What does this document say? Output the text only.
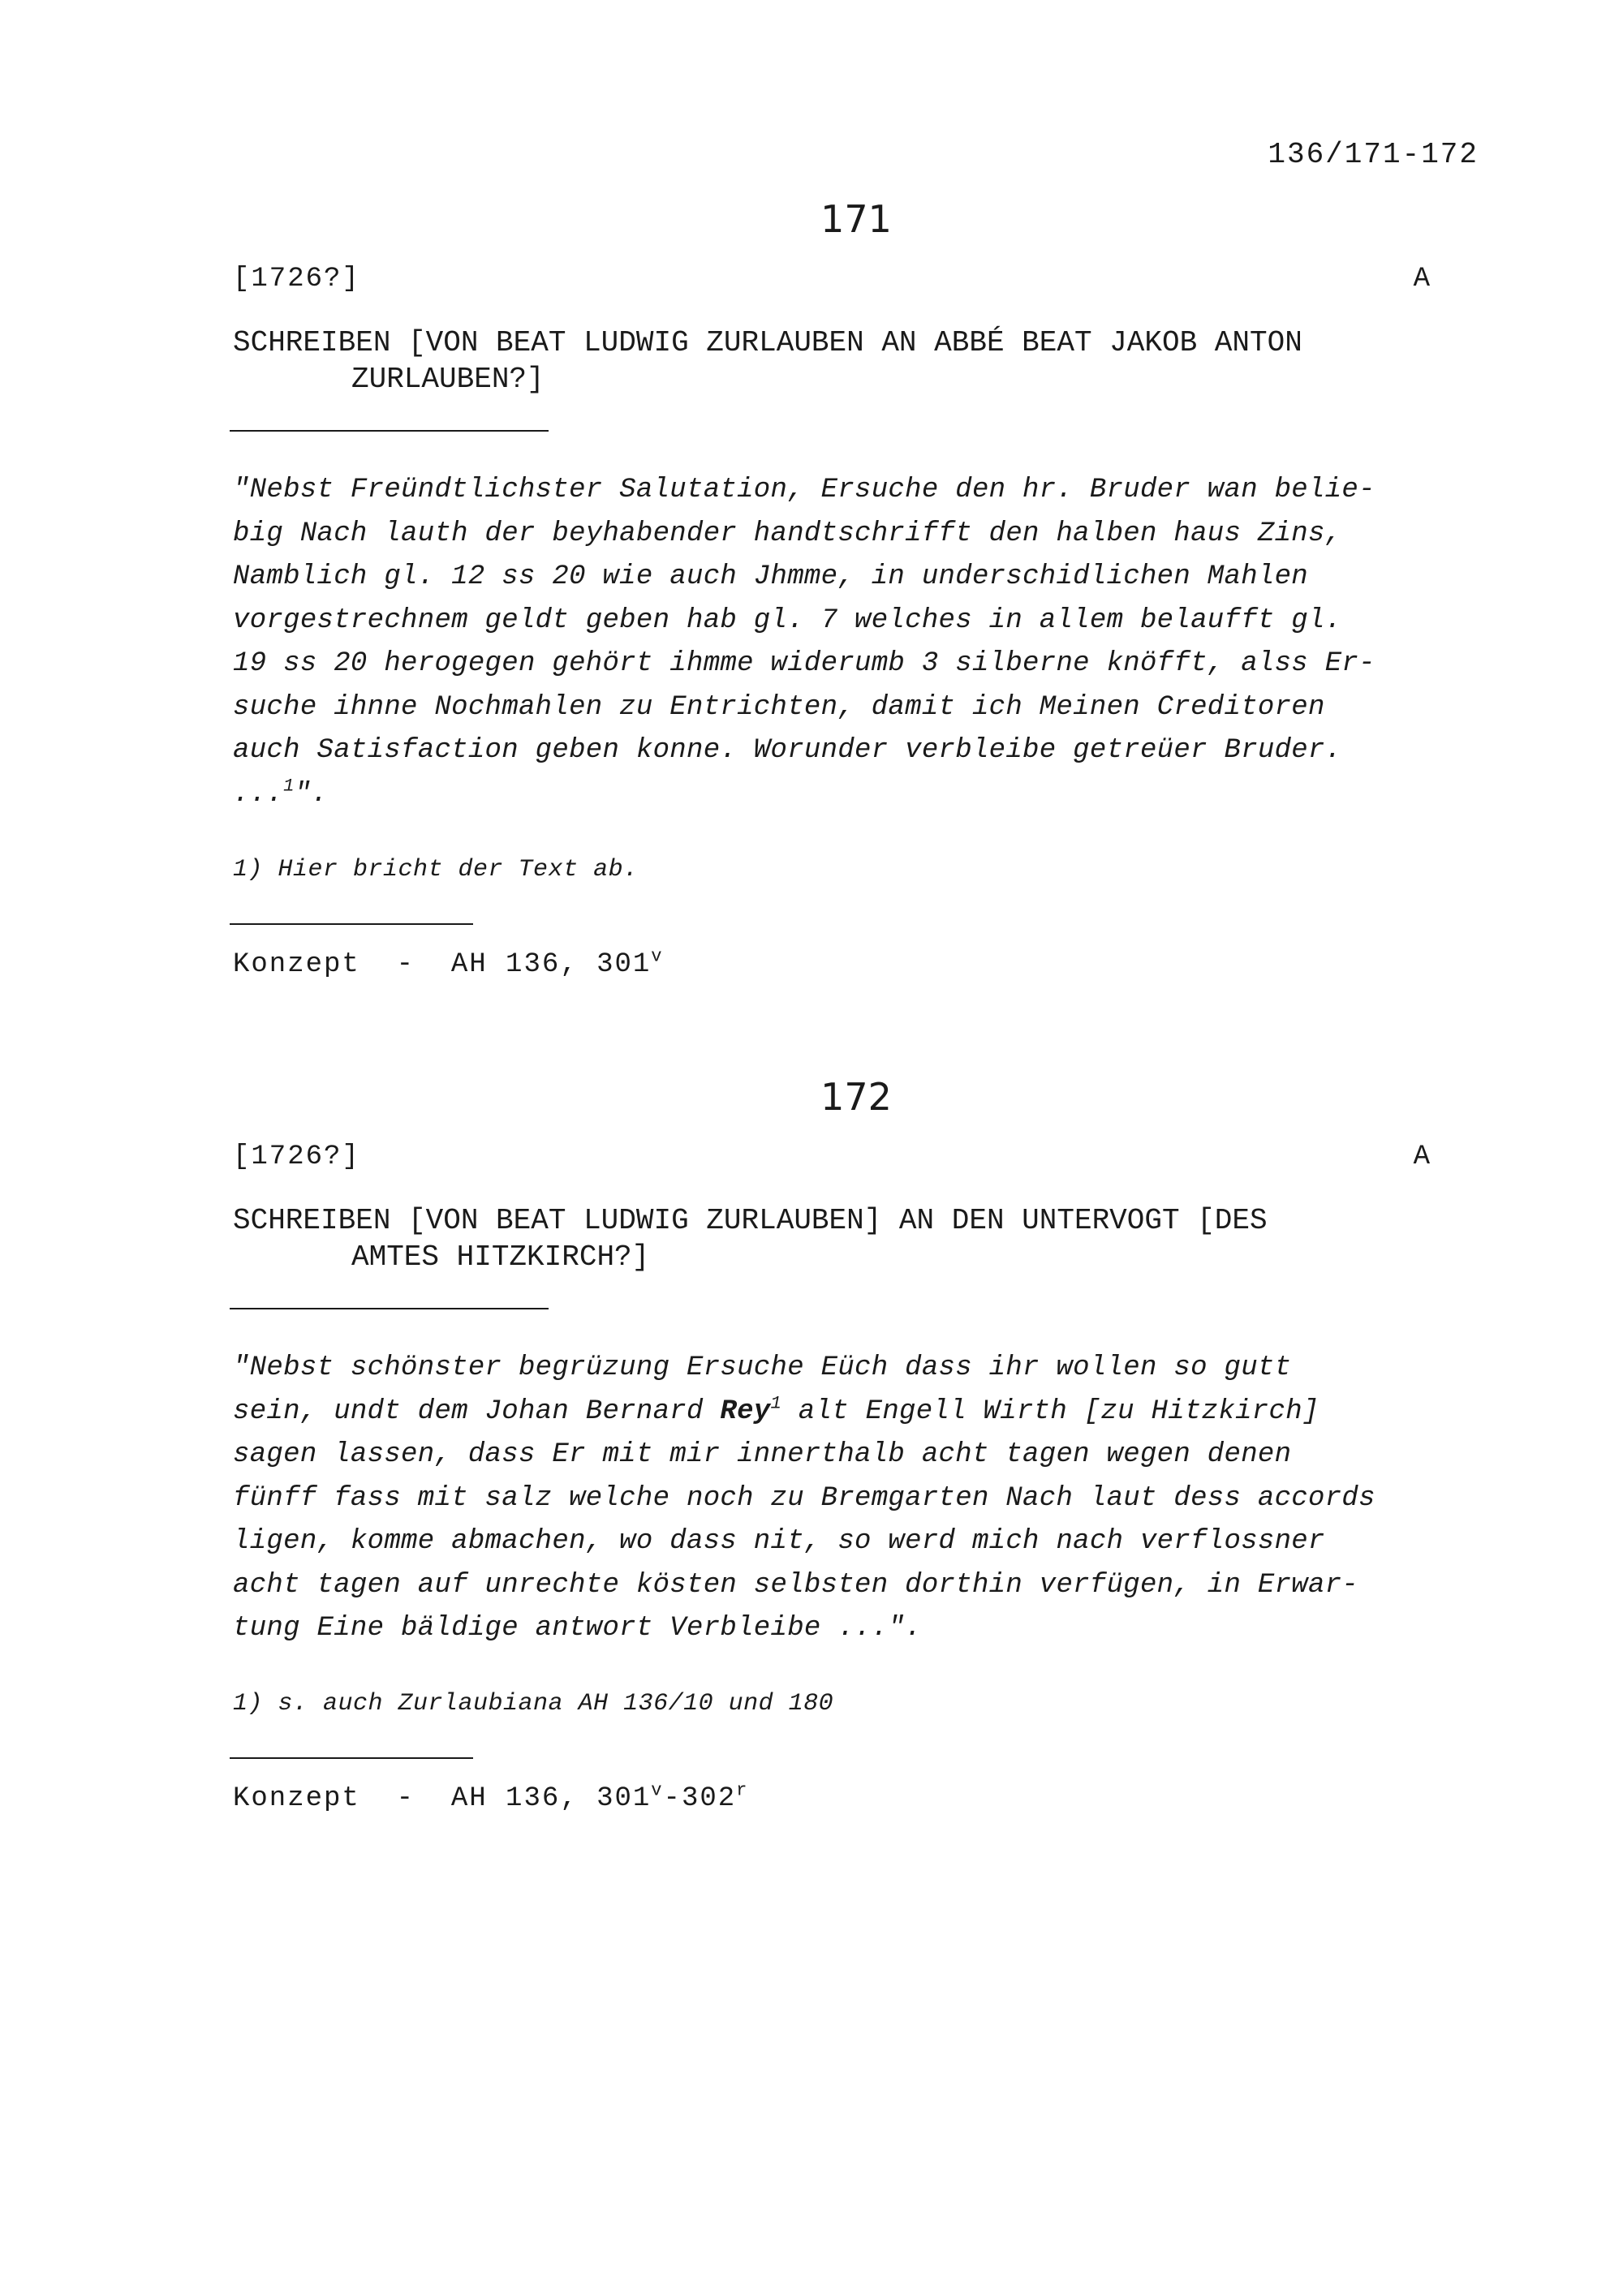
136/171-172
171
[1726?]	A
SCHREIBEN [VON BEAT LUDWIG ZURLAUBEN AN ABBÉ BEAT JAKOB ANTON
ZURLAUBEN?]
"Nebst Freündtlichster Salutation, Ersuche den hr. Bruder wan belie-
big Nach lauth der beyhabender handtschrifft den halben haus Zins,
Namblich gl. 12 ss 20 wie auch Jhmme, in underschidlichen Mahlen
vorgestrechnem geldt geben hab gl. 7 welches in allem belaufft gl.
19 ss 20 herogegen gehört ihmme widerumb 3 silberne knöfft, alss Er-
suche ihnne Nochmahlen zu Entrichten, damit ich Meinen Creditoren
auch Satisfaction geben konne. Worunder verbleibe getreüer Bruder.
...$^1$".
1) Hier bricht der Text ab.
Konzept  -  AH 136, 301$^v$
172
[1726?]	A
SCHREIBEN [VON BEAT LUDWIG ZURLAUBEN] AN DEN UNTERVOGT [DES
AMTES HITZKIRCH?]
"Nebst schönster begrüzung Ersuche Eüch dass ihr wollen so gutt
sein, undt dem Johan Bernard Rey$^1$ alt Engell Wirth [zu Hitzkirch]
sagen lassen, dass Er mit mir innerthalb acht tagen wegen denen
fünff fass mit salz welche noch zu Bremgarten Nach laut dess accords
ligen, komme abmachen, wo dass nit, so werd mich nach verflossner
acht tagen auf unrechte kösten selbsten dorthin verfügen, in Erwar-
tung Eine bäldige antwort Verbleibe ...".
1) s. auch Zurlaubiana AH 136/10 und 180
Konzept  -  AH 136, 301$^v$-302$^r$
